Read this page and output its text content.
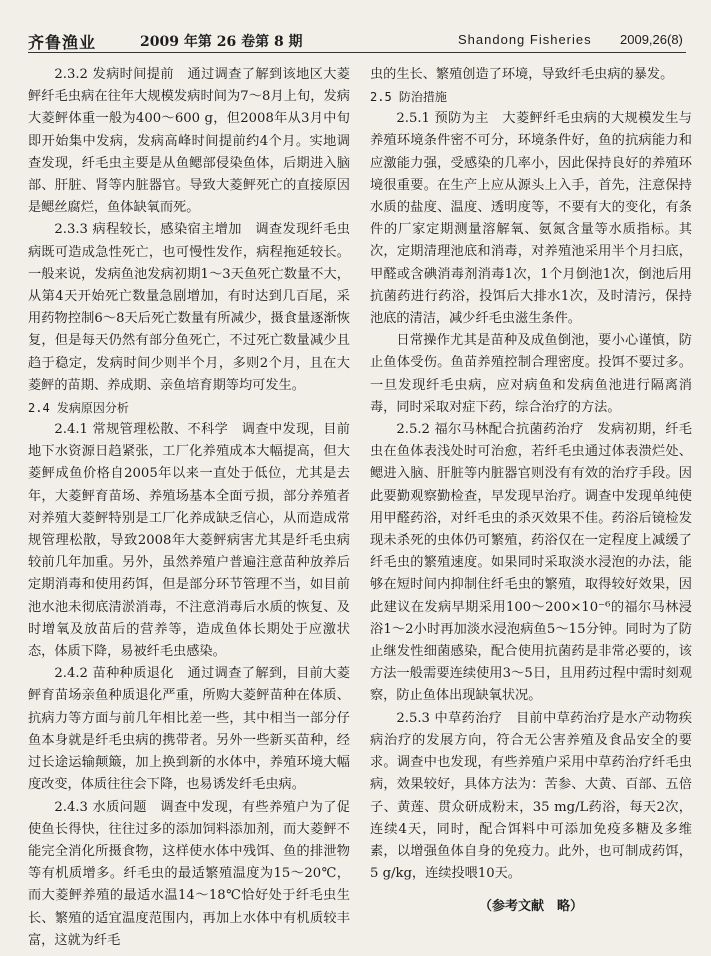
齐鲁渔业	2009 年第 26 卷第 8 期	Shandong Fisheries 2009,26(8)

2.3.2 发病时间提前　通过调查了解到该地区大菱鲆纤毛虫病在往年大规模发病时间为7～8月上旬，发病大菱鲆体重一般为400～600 g，但2008年从3月中旬即开始集中发病，发病高峰时间提前约4个月。实地调查发现，纤毛虫主要是从鱼鳃部侵染鱼体，后期进入脑部、肝脏、肾等内脏器官。导致大菱鲆死亡的直接原因是鳃丝腐烂，鱼体缺氧而死。

2.3.3 病程较长，感染宿主增加　调查发现纤毛虫病既可造成急性死亡，也可慢性发作，病程拖延较长。一般来说，发病鱼池发病初期1～3天鱼死亡数量不大，从第4天开始死亡数量急剧增加，有时达到几百尾，采用药物控制6～8天后死亡数量有所减少，摄食量逐渐恢复，但是每天仍然有部分鱼死亡，不过死亡数量减少且趋于稳定，发病时间少则半个月，多则2个月，且在大菱鲆的苗期、养成期、亲鱼培育期等均可发生。

2.4 发病原因分析

2.4.1 常规管理松散、不科学　调查中发现，目前地下水资源日趋紧张，工厂化养殖成本大幅提高，但大菱鲆成鱼价格自2005年以来一直处于低位，尤其是去年，大菱鲆育苗场、养殖场基本全面亏损，部分养殖者对养殖大菱鲆特别是工厂化养成缺乏信心，从而造成常规管理松散，导致2008年大菱鲆病害尤其是纤毛虫病较前几年加重。另外，虽然养殖户普遍注意苗种放养后定期消毒和使用药饵，但是部分环节管理不当，如目前池水池未彻底清淤消毒，不注意消毒后水质的恢复、及时增氧及放苗后的营养等，造成鱼体长期处于应激状态，体质下降，易被纤毛虫感染。

2.4.2 苗种种质退化　通过调查了解到，目前大菱鲆育苗场亲鱼种质退化严重，所购大菱鲆苗种在体质、抗病力等方面与前几年相比差一些，其中相当一部分仔鱼本身就是纤毛虫病的携带者。另外一些新买苗种，经过长途运输颠簸，加上换到新的水体中，养殖环境大幅度改变，体质往往会下降，也易诱发纤毛虫病。

2.4.3 水质问题　调查中发现，有些养殖户为了促使鱼长得快，往往过多的添加饲料添加剂，而大菱鲆不能完全消化所摄食物，这样使水体中残饵、鱼的排泄物等有机质增多。纤毛虫的最适繁殖温度为15～20℃，而大菱鲆养殖的最适水温14～18℃恰好处于纤毛虫生长、繁殖的适宜温度范围内，再加上水体中有机质较丰富，这就为纤毛

虫的生长、繁殖创造了环境，导致纤毛虫病的暴发。

2.5 防治措施

2.5.1 预防为主　大菱鲆纤毛虫病的大规模发生与养殖环境条件密不可分，环境条件好，鱼的抗病能力和应激能力强，受感染的几率小，因此保持良好的养殖环境很重要。在生产上应从源头上入手，首先，注意保持水质的盐度、温度、透明度等，不要有大的变化，有条件的厂家定期测量溶解氧、氨氮含量等水质指标。其次，定期清理池底和消毒，对养殖池采用半个月扫底，甲醛或含碘消毒剂消毒1次，1个月倒池1次，倒池后用抗菌药进行药浴，投饵后大排水1次，及时清污，保持池底的清洁，减少纤毛虫滋生条件。

日常操作尤其是苗种及成鱼倒池，要小心谨慎，防止鱼体受伤。鱼苗养殖控制合理密度。投饵不要过多。一旦发现纤毛虫病，应对病鱼和发病鱼池进行隔离消毒，同时采取对症下药，综合治疗的方法。

2.5.2 福尔马林配合抗菌药治疗　发病初期，纤毛虫在鱼体表浅处时可治愈，若纤毛虫通过体表溃烂处、鳃进入脑、肝脏等内脏器官则没有有效的治疗手段。因此要勤观察勤检查，早发现早治疗。调查中发现单纯使用甲醛药浴，对纤毛虫的杀灭效果不佳。药浴后镜检发现未杀死的虫体仍可繁殖，药浴仅在一定程度上减缓了纤毛虫的繁殖速度。如果同时采取淡水浸泡的办法，能够在短时间内抑制住纤毛虫的繁殖，取得较好效果，因此建议在发病早期采用100～200×10⁻⁶的福尔马林浸浴1～2小时再加淡水浸泡病鱼5～15分钟。同时为了防止继发性细菌感染，配合使用抗菌药是非常必要的，该方法一般需要连续使用3～5日，且用药过程中需时刻观察，防止鱼体出现缺氧状况。

2.5.3 中草药治疗　目前中草药治疗是水产动物疾病治疗的发展方向，符合无公害养殖及食品安全的要求。调查中也发现，有些养殖户采用中草药治疗纤毛虫病，效果较好，具体方法为：苦参、大黄、百部、五倍子、黄莲、贯众研成粉末，35 mg/L药浴，每天2次，连续4天，同时，配合饵料中可添加免疫多糖及多维素，以增强鱼体自身的免疫力。此外，也可制成药饵，5 g/kg，连续投喂10天。

（参考文献　略）
